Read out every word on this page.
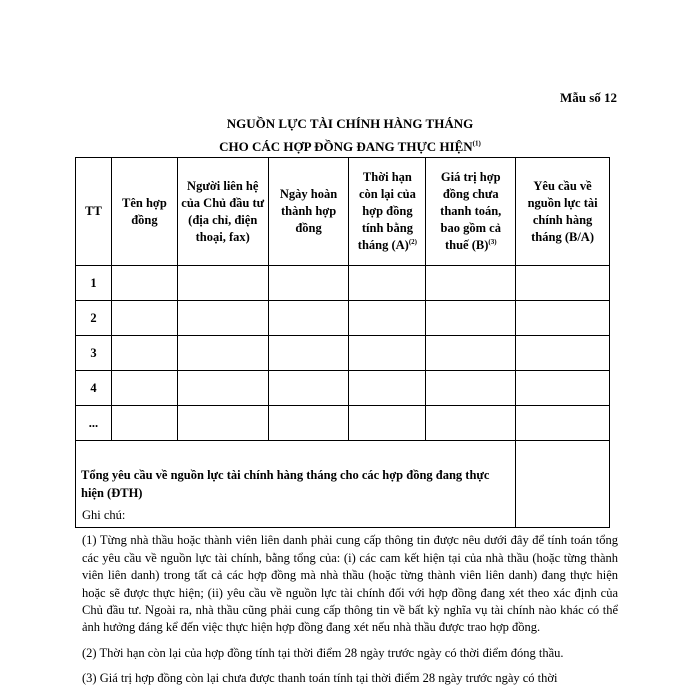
Mẫu số 12
NGUỒN LỰC TÀI CHÍNH HÀNG THÁNG
CHO CÁC HỢP ĐỒNG ĐANG THỰC HIỆN$^{(1)}$
TT	Tên hợp đồng	Người liên hệ của Chủ đầu tư (địa chỉ, điện thoại, fax)	Ngày hoàn thành hợp đồng	Thời hạn còn lại của hợp đồng tính bằng tháng $(A)^{(2)}$	Giá trị hợp đồng chưa thanh toán, bao gồm cả thuế $(B)^{(3)}$	Yêu cầu về nguồn lực tài chính hàng tháng (B/A)
1						
2						
3						
4						
...						
Tổng yêu cầu về nguồn lực tài chính hàng tháng cho các hợp đồng đang thực hiện (ĐTH)						

Ghi chú:

(1) Từng nhà thầu hoặc thành viên liên danh phải cung cấp thông tin được nêu dưới đây để tính toán tổng các yêu cầu về nguồn lực tài chính, bằng tổng của: (i) các cam kết hiện tại của nhà thầu (hoặc từng thành viên liên danh) trong tất cả các hợp đồng mà nhà thầu (hoặc từng thành viên liên danh) đang thực hiện hoặc sẽ được thực hiện; (ii) yêu cầu về nguồn lực tài chính đối với hợp đồng đang xét theo xác định của Chủ đầu tư. Ngoài ra, nhà thầu cũng phải cung cấp thông tin về bất kỳ nghĩa vụ tài chính nào khác có thể ảnh hưởng đáng kể đến việc thực hiện hợp đồng đang xét nếu nhà thầu được trao hợp đồng.

(2) Thời hạn còn lại của hợp đồng tính tại thời điểm 28 ngày trước ngày có thời điểm đóng thầu.

(3) Giá trị hợp đồng còn lại chưa được thanh toán tính tại thời điểm 28 ngày trước ngày có thời
